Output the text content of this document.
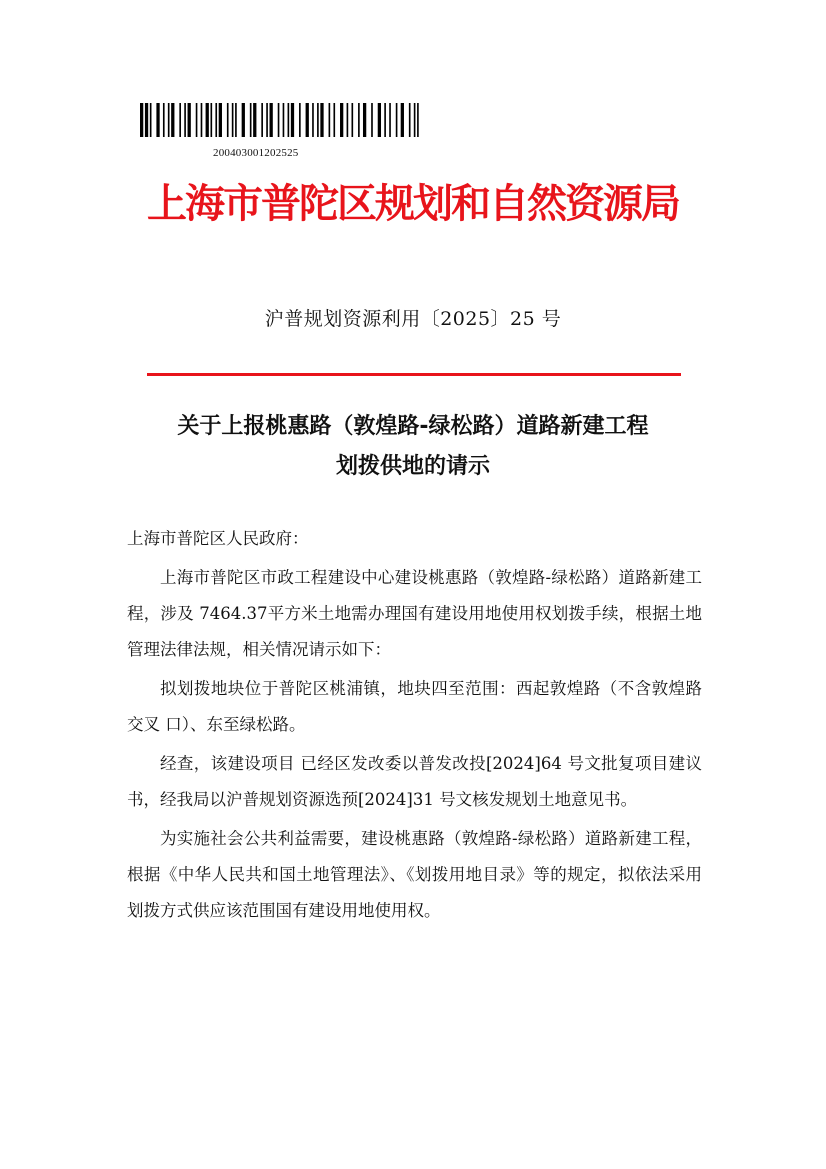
200403001202525
上海市普陀区规划和自然资源局
沪普规划资源利用〔2025〕25 号
关于上报桃惠路（敦煌路-绿松路）道路新建工程
划拨供地的请示

上海市普陀区人民政府：

上海市普陀区市政工程建设中心建设桃惠路（敦煌路-绿松路）道路新建工程，涉及 7464.37平方米土地需办理国有建设用地使用权划拨手续，根据土地管理法律法规，相关情况请示如下：

拟划拨地块位于普陀区桃浦镇，地块四至范围：西起敦煌路（不含敦煌路交叉 口）、东至绿松路。

经查，该建设项目 已经区发改委以普发改投[2024]64 号文批复项目建议书，经我局以沪普规划资源选预[2024]31 号文核发规划土地意见书。

为实施社会公共利益需要，建设桃惠路（敦煌路-绿松路）道路新建工程，根据《中华人民共和国土地管理法》、《划拨用地目录》等的规定，拟依法采用划拨方式供应该范围国有建设用地使用权。
